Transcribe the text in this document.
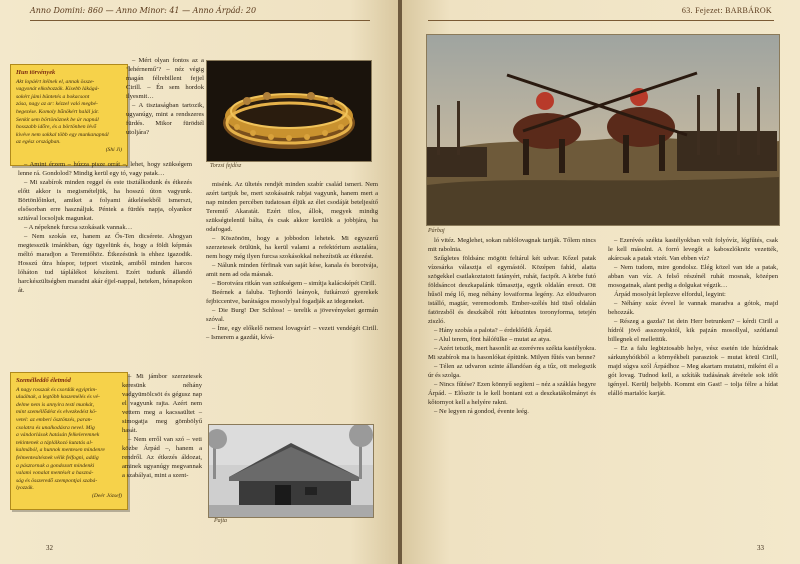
Anno Domini: 860 — Anno Minor: 41 — Anno Árpád: 20
Hun törvények
Akt lopáért ítélnek el, annak össze-
vagyonát elkobozzák. Kisebb lákágá-
sokért jámi büntetés a bokacsont
zása, nagy az ar: kézzel való megbé-
hegezése. Komoly bűnökért halál jár.
Senkit sem börtönöznek be úr napnál
hosszabb időre, és a börtönben lévő
kivéve nem sokkal több egy munkanapnál
az egész országban.
(Shi Ji)

– Mért olyan fontos az a ‘lehérnemű’? – néz végig magán félrebillent fejjel Cirill. – Én sem hordok ilyesmit…

– A tisztaságban tartozik, ugyanúgy, mint a rendszeres fürdés. Mikor fürödtél utoljára?

Torzsi fejdísz

– Amint érzem – húzza pisze orrát –, lehet, hogy szükségem lenne rá. Gondolod? Mindig kerül egy tó, vagy patak…

– Mi szabírok minden reggel és este tisztálkodunk és étkezés előtt akkor is megismételjük, ha hosszú úton vagyunk. Börtönlőinket, amiket a folyami átkelésekből ismerszt, elsősorban erre használjuk. Péntek a fürdés napja, olyankor szitával locsoljuk magunkat.

– A népeknek furcsa szokásaik vannak…

– Nem szokás ez, hanem az Ős-Ten dicsérete. Ahogyan megtesszük imánkban, úgy ügyelünk és, hogy a földi képmás méltó maradjon a Teremtőhöz. Étkezésünk is ehhez igazodik. Hosszú útra húspor, tejport viszünk, amiből minden harcos lóháton tud táplálékot készíteni. Ezért tudunk állandó harckészültségben maradni akár éjjel-nappal, heteken, hónapokon át.

misénk. Az ültetés rendjét minden szabír család ismeri. Nem azért tartjuk be, mert szokásaink rabjai vagyunk, hanem mert a nap minden percében tudatosan éljük az élet csodáját beteljesítő Teremtő Akaratát. Ezért tilos, állok, megyek mindig szükségtelenül bálta, és csak akkor kerülök a jobbjára, ha odafogad.

– Köszönöm, hogy a jobbodon lehetek. Mi egyszerű szerzetesek örülünk, ha kerül valami a refektórium asztalára, nem hogy még ilyen furcsa szokásokkal nehezítsük az étkezést.

– Nálunk minden férfinak van saját kése, kanala és borotvája, amit nem ad oda másnak.

– Borotvára ritkán van szükségem – simítja kalácsképét Cirill.

Beérnek a faluba. Tejhordó leányok, futkározó gyerekek fejbiccentve, barátságos mosolylyal fogadják az idegeneket.

– Die Burg! Der Schloss! – terelik a jövevényeket germán szóval.

– Íme, egy előkelő nemesi lovagvár! – vezeti vendégét Cirill. – Ismerem a gazdát, kívá-

Személleddő életmód
A nagy rosszak és csordák egyiptim-
uluálnak, a legtöbb kaszemélés és vé-
delme nem is annyira testi munkát,
mint személlődést és elvezkedést kö-
vetel: az emberi ösztönzés, paran-
csolatra és unalkodásra nevel. Mig
a vándorlások hatásán felkeleremnek
tekintenek a táplálkozó kutatás al-
kalmából, a hunnok mentesen mindenre
felmentesítésnek vélik felfogni, addig
a pásztornak a gondozott mindenki
valami vonalat mentését a haszná-
ság és összeredő szempontjai szabá-
lyozzák.
(Deér József)

– Mi jámbor szerzetesek keresünk néhány vadgyümölcsöt és gégusz nap el vagyunk rajta. Azért nem vettem meg a kacssaültet – simogatja meg gömbölyű hasát.

– Nem erről van szó – veti közbe Árpád –, hanem a rendről. Az étkezés áldozat, aminek ugyanúgy megvannak a szabályai, mint a szent-

Pajta
32
63. Fejezet: BARBÁROK
Párbaj

ló vitéz. Meglehet, sokan rablólovagnak tartják. Tőlem nincs mit rabolnia.

Szűgletes földsánc mögött feltárul két udvar. Kőzel patak vízesárka választja el egymástól. Középen fahíd, alatta szögekkel csatlakoztatott fatányért, ruhát, facipőt. A körbe futó földsáncot deszkapalánk tűmasztja, egyik oldalán ereszt. Ott hűsöl még lő, meg néhány lovaiforma legény. Az elöudvaron istálló, magtár, veremodomb. Ember-szélés hid tüső oldalán fatörzsből és deszkából rótt kétszintes toronyforma, tetején ziszló.

– Hány szobás a palota? – érdeklődik Árpád.

– Alul terem, fönt hálófülke – mutat az atya.

– Azért tetszik, mert hasonlít az ezerévres székta kastélyokra. Mi szabírok ma is hasonlókat építünk. Milyen fűtés van benne?

– Télen az udvaron szinte állandóan ég a tűz, ott melegszik úr és szolga.

– Nincs fűtése? Ezen könnyű segíteni – néz a száklás hegyre Árpád. – Először is le kell bontani ezt a deszkatákolmányt és kőtornyot kell a helyére rakni.

– Ne legyen rá gondod, évente leég.

– Ezerévés székta kastélyokban volt folyóvíz, légfűtés, csak le kell másolni. A forró levegőt a kaboszlóknöz vezették, akárcsak a patak vizét. Van ebben víz?

– Nem tudom, mire gondolsz. Elég közel van ide a patak, abban van víz. A felső részénél ruhát mosnak, középen mosogatnak, alant pedig a dolgukat végzik…

Árpád mosolyát leplezve elfordul, legyint:

– Néhány száz évvel le vannak maradva a gótok, majd behozzák.

– Részeg a gazda? Ist dein Herr betrunken? – kérdi Cirill a hídról jövő asszonyoktól, kik pajzán mosollyal, szótlanul billegnek el mellettük.

– Ez a falu legbiztosabb helye, vész esetén ide húzódnak sárkunyhóikból a környékbeli parasztok – mutat körül Cirill, majd súgva szól Árpádhoz – Meg akartam mutatni, miként él a gót lovag. Tudnod kell, a szkíták tudásának átvétele sok időt igényel. Kerülj beljebb. Kommt ein Gast! – tolja félre a hídat elálló martalóc karját.

33
